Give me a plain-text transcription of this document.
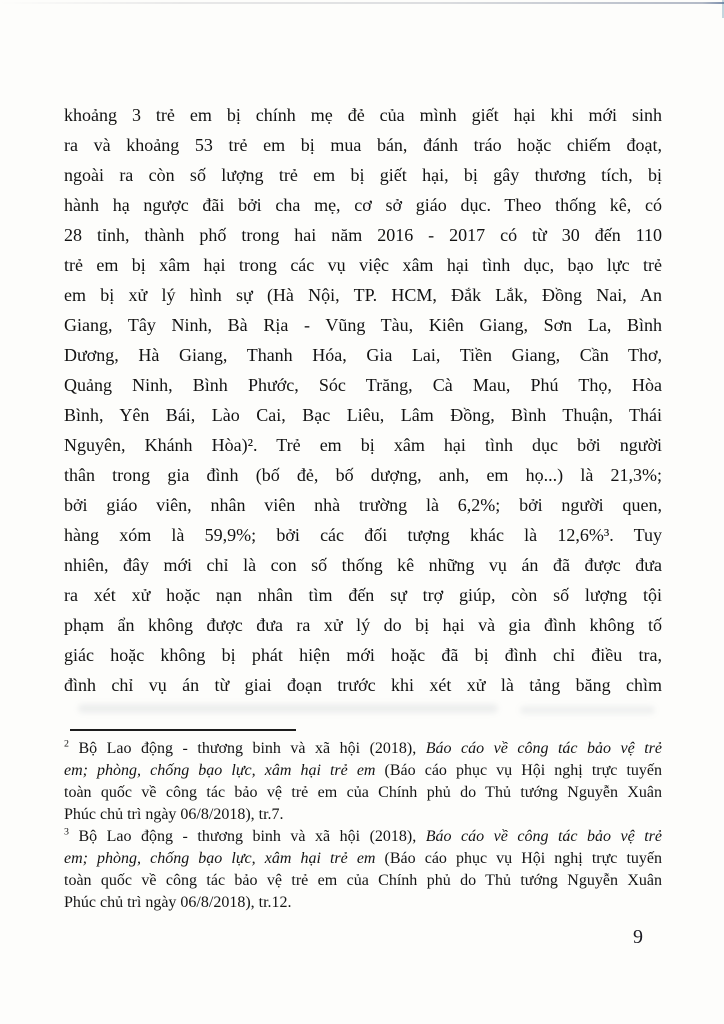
khoảng 3 trẻ em bị chính mẹ đẻ của mình giết hại khi mới sinh
ra và khoảng 53 trẻ em bị mua bán, đánh tráo hoặc chiếm đoạt,
ngoài ra còn số lượng trẻ em bị giết hại, bị gây thương tích, bị
hành hạ ngược đãi bởi cha mẹ, cơ sở giáo dục. Theo thống kê, có
28 tỉnh, thành phố trong hai năm 2016 - 2017 có từ 30 đến 110
trẻ em bị xâm hại trong các vụ việc xâm hại tình dục, bạo lực trẻ
em bị xử lý hình sự (Hà Nội, TP. HCM, Đắk Lắk, Đồng Nai, An
Giang, Tây Ninh, Bà Rịa - Vũng Tàu, Kiên Giang, Sơn La, Bình
Dương, Hà Giang, Thanh Hóa, Gia Lai, Tiền Giang, Cần Thơ,
Quảng Ninh, Bình Phước, Sóc Trăng, Cà Mau, Phú Thọ, Hòa
Bình, Yên Bái, Lào Cai, Bạc Liêu, Lâm Đồng, Bình Thuận, Thái
Nguyên, Khánh Hòa)². Trẻ em bị xâm hại tình dục bởi người
thân trong gia đình (bố đẻ, bố dượng, anh, em họ...) là 21,3%;
bởi giáo viên, nhân viên nhà trường là 6,2%; bởi người quen,
hàng xóm là 59,9%; bởi các đối tượng khác là 12,6%³. Tuy
nhiên, đây mới chỉ là con số thống kê những vụ án đã được đưa
ra xét xử hoặc nạn nhân tìm đến sự trợ giúp, còn số lượng tội
phạm ẩn không được đưa ra xử lý do bị hại và gia đình không tố
giác hoặc không bị phát hiện mới hoặc đã bị đình chỉ điều tra,
đình chỉ vụ án từ giai đoạn trước khi xét xử là tảng băng chìm
$^2$ Bộ Lao động - thương binh và xã hội (2018), Báo cáo về công tác bảo vệ trẻ
em; phòng, chống bạo lực, xâm hại trẻ em (Báo cáo phục vụ Hội nghị trực tuyến
toàn quốc về công tác bảo vệ trẻ em của Chính phủ do Thủ tướng Nguyễn Xuân
Phúc chủ trì ngày 06/8/2018), tr.7.
$^3$ Bộ Lao động - thương binh và xã hội (2018), Báo cáo về công tác bảo vệ trẻ
em; phòng, chống bạo lực, xâm hại trẻ em (Báo cáo phục vụ Hội nghị trực tuyến
toàn quốc về công tác bảo vệ trẻ em của Chính phủ do Thủ tướng Nguyễn Xuân
Phúc chủ trì ngày 06/8/2018), tr.12.
9
